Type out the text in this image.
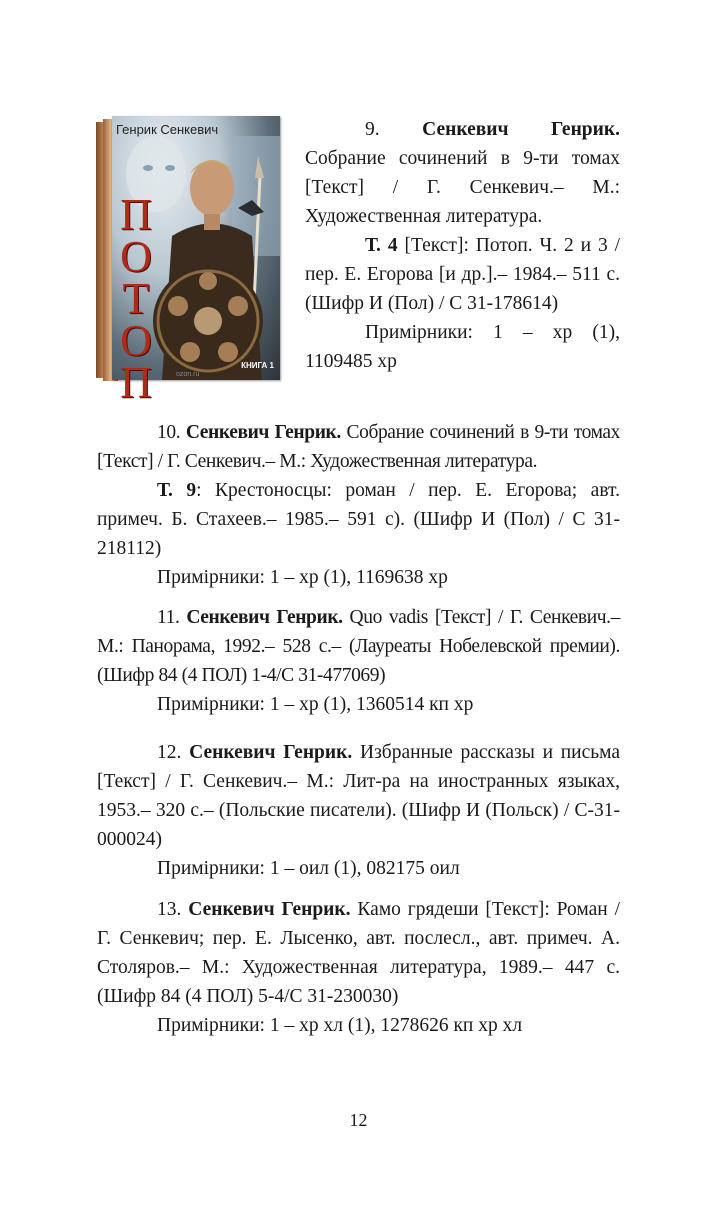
Генрик Сенкевич
П
О
Т
О
П	КНИГА 1
ozon.ru

9. Сенкевич Генрик. Собрание сочинений в 9-ти томах [Текст] / Г. Сенкевич.– М.: Художественная литература.

Т. 4 [Текст]: Потоп. Ч. 2 и 3 / пер. Е. Егорова [и др.].– 1984.– 511 с. (Шифр И (Пол) / С 31-178614)

Примірники: 1 – хр (1), 1109485 хр

10. Сенкевич Генрик. Собрание сочинений в 9-ти томах [Текст] / Г. Сенкевич.– М.: Художественная литература.

Т. 9: Крестоносцы: роман / пер. Е. Егорова; авт. примеч. Б. Стахеев.– 1985.– 591 с). (Шифр И (Пол) / С 31-218112)

Примірники: 1 – хр (1), 1169638 хр

11. Сенкевич Генрик. Quo vadis [Текст] / Г. Сенкевич.– М.: Панорама, 1992.– 528 с.– (Лауреаты Нобелевской премии). (Шифр 84 (4 ПОЛ) 1-4/С 31-477069)

Примірники: 1 – хр (1), 1360514 кп хр

12. Сенкевич Генрик. Избранные рассказы и письма [Текст] / Г. Сенкевич.– М.: Лит-ра на иностранных языках, 1953.– 320 с.– (Польские писатели). (Шифр И (Польск) / С-31-000024)

Примірники: 1 – оил (1), 082175 оил

13. Сенкевич Генрик. Камо грядеши [Текст]: Роман / Г. Сенкевич; пер. Е. Лысенко, авт. послесл., авт. примеч. А. Столяров.– М.: Художественная литература, 1989.– 447 с. (Шифр 84 (4 ПОЛ) 5-4/С 31-230030)

Примірники: 1 – хр хл (1), 1278626 кп хр хл

12
